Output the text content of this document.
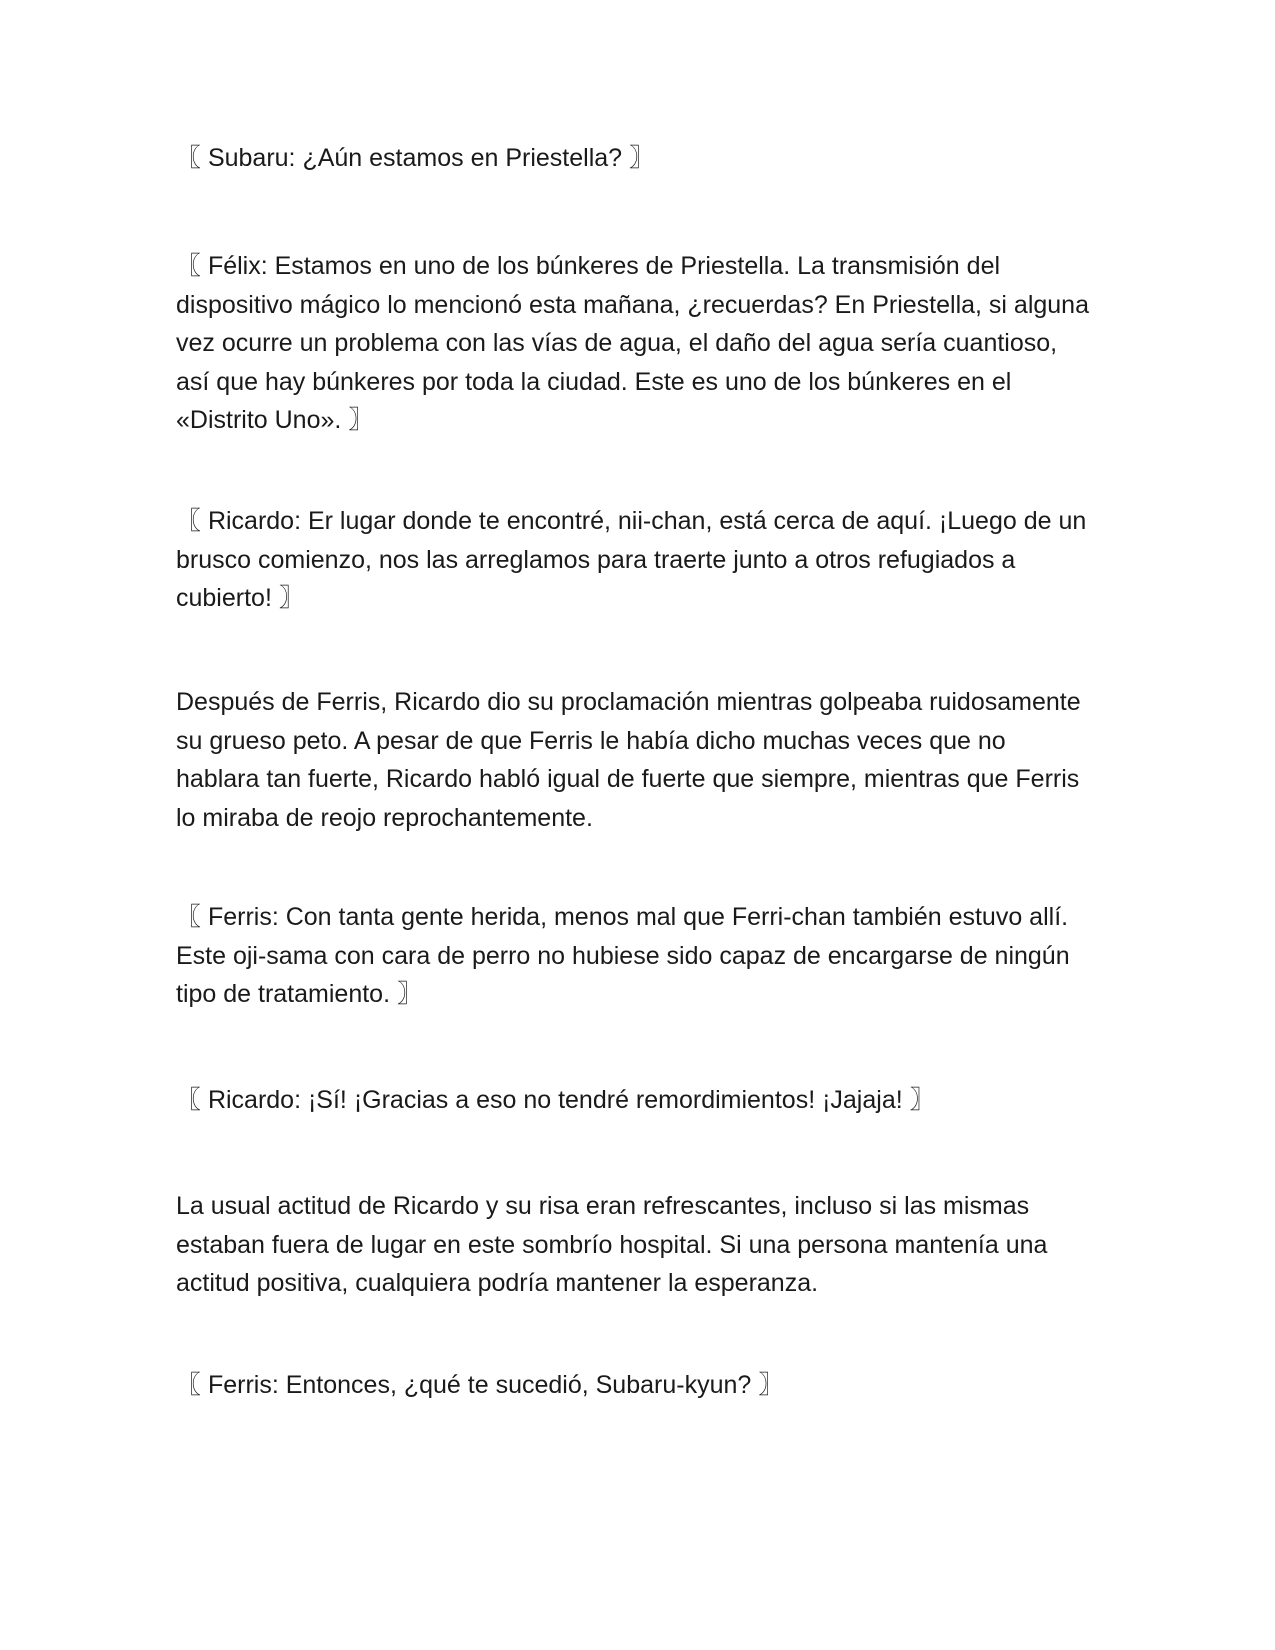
〖 Subaru: ¿Aún estamos en Priestella? 〗

〖 Félix: Estamos en uno de los búnkeres de Priestella. La transmisión del dispositivo mágico lo mencionó esta mañana, ¿recuerdas? En Priestella, si alguna vez ocurre un problema con las vías de agua, el daño del agua sería cuantioso, así que hay búnkeres por toda la ciudad. Este es uno de los búnkeres en el «Distrito Uno». 〗

〖 Ricardo: Er lugar donde te encontré, nii-chan, está cerca de aquí. ¡Luego de un brusco comienzo, nos las arreglamos para traerte junto a otros refugiados a cubierto! 〗

Después de Ferris, Ricardo dio su proclamación mientras golpeaba ruidosamente su grueso peto. A pesar de que Ferris le había dicho muchas veces que no hablara tan fuerte, Ricardo habló igual de fuerte que siempre, mientras que Ferris lo miraba de reojo reprochantemente.

〖 Ferris: Con tanta gente herida, menos mal que Ferri-chan también estuvo allí. Este oji-sama con cara de perro no hubiese sido capaz de encargarse de ningún tipo de tratamiento. 〗

〖 Ricardo: ¡Sí! ¡Gracias a eso no tendré remordimientos! ¡Jajaja! 〗

La usual actitud de Ricardo y su risa eran refrescantes, incluso si las mismas estaban fuera de lugar en este sombrío hospital. Si una persona mantenía una actitud positiva, cualquiera podría mantener la esperanza.

〖 Ferris: Entonces, ¿qué te sucedió, Subaru-kyun? 〗
